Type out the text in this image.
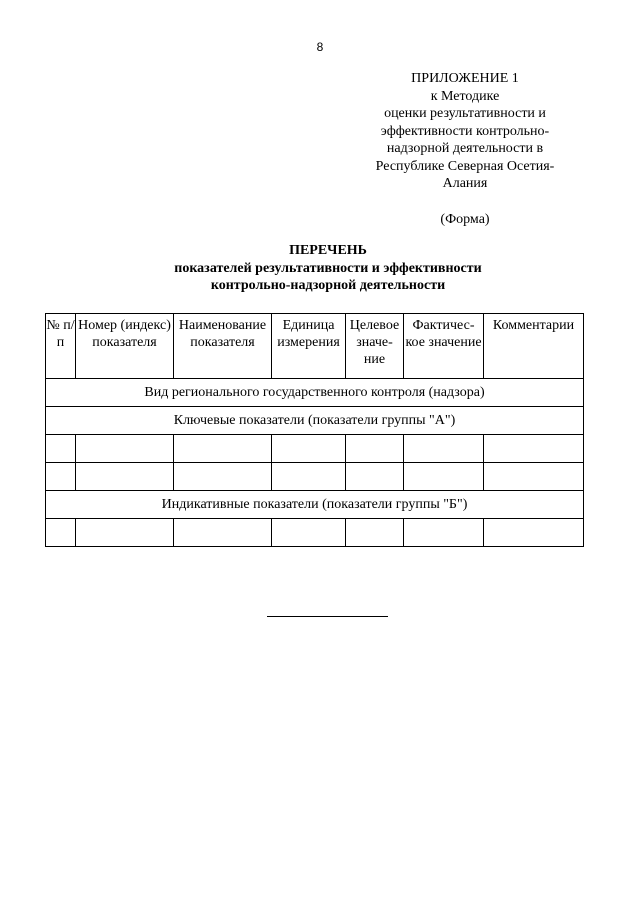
8
ПРИЛОЖЕНИЕ 1
к Методике
оценки результативности и
эффективности контрольно-
надзорной деятельности в
Республике Северная Осетия-
Алания
(Форма)
ПЕРЕЧЕНЬ
показателей результативности и эффективности
контрольно-надзорной деятельности
№ п/п	Номер (индекс) показателя	Наименование показателя	Единица измерения	Целевое значе- ние	Фактичес- кое значение	Комментарии
Вид регионального государственного контроля (надзора)						
Ключевые показатели (показатели группы "А")						

Индикативные показатели (показатели группы "Б")						
